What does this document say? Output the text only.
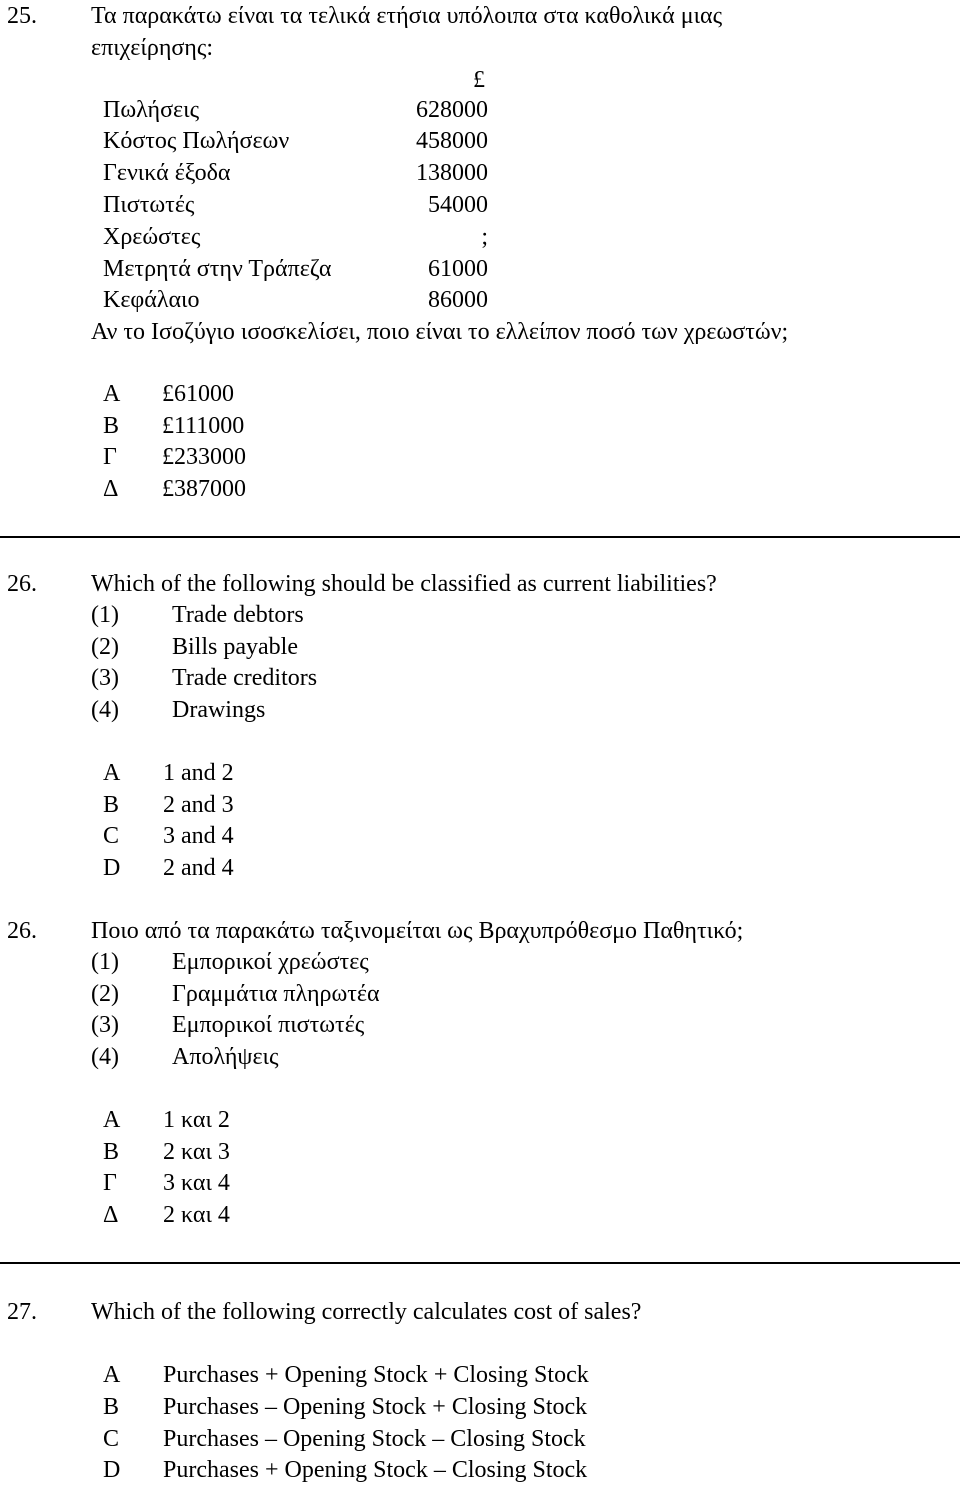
25. Τα παρακάτω είναι τα τελικά ετήσια υπόλοιπα στα καθολικά μιας
επιχείρησης:
£
Πωλήσεις	628000
Κόστος Πωλήσεων	458000
Γενικά έξοδα	138000
Πιστωτές	54000
Χρεώστες	;
Μετρητά στην Τράπεζα	61000
Κεφάλαιο	86000
Αν το Ισοζύγιο ισοσκελίσει, ποιο είναι το ελλείπον ποσό των χρεωστών;
Α £61000
Β £111000
Γ £233000
Δ £387000
26. Which of the following should be classified as current liabilities?
(1) Trade debtors
(2) Bills payable
(3) Trade creditors
(4) Drawings
A 1 and 2
B 2 and 3
C 3 and 4
D 2 and 4
26. Ποιο από τα παρακάτω ταξινομείται ως Βραχυπρόθεσμο Παθητικό;
(1) Εμπορικοί χρεώστες
(2) Γραμμάτια πληρωτέα
(3) Εμπορικοί πιστωτές
(4) Απολήψεις
Α 1 και 2
Β 2 και 3
Γ 3 και 4
Δ 2 και 4
27. Which of the following correctly calculates cost of sales?
A Purchases + Opening Stock + Closing Stock
B Purchases – Opening Stock + Closing Stock
C Purchases – Opening Stock – Closing Stock
D Purchases + Opening Stock – Closing Stock
